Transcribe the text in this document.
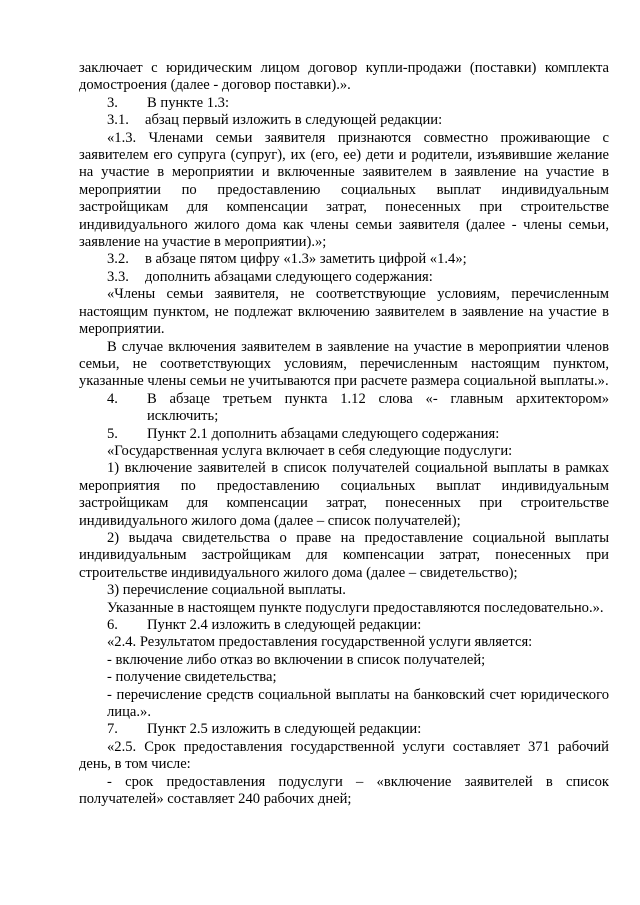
заключает с юридическим лицом договор купли-продажи (поставки) комплекта домостроения (далее - договор поставки).».

3.	В пункте 1.3:
3.1.	абзац первый изложить в следующей редакции:

«1.3. Членами семьи заявителя признаются совместно проживающие с заявителем его супруга (супруг), их (его, ее) дети и родители, изъявившие желание на участие в мероприятии и включенные заявителем в заявление на участие в мероприятии по предоставлению социальных выплат индивидуальным застройщикам для компенсации затрат, понесенных при строительстве индивидуального жилого дома как члены семьи заявителя (далее - члены семьи, заявление на участие в мероприятии).»;

3.2.	в абзаце пятом цифру «1.3» заметить цифрой «1.4»;
3.3.	дополнить абзацами следующего содержания:

«Члены семьи заявителя, не соответствующие условиям, перечисленным настоящим пунктом, не подлежат включению заявителем в заявление на участие в мероприятии.

В случае включения заявителем в заявление на участие в мероприятии членов семьи, не соответствующих условиям, перечисленным настоящим пунктом, указанные члены семьи не учитываются при расчете размера социальной выплаты.».

4.	В абзаце третьем пункта 1.12 слова «- главным архитектором» исключить;
5.	Пункт 2.1 дополнить абзацами следующего содержания:

«Государственная услуга включает в себя следующие подуслуги:

1) включение заявителей в список получателей социальной выплаты в рамках мероприятия по предоставлению социальных выплат индивидуальным застройщикам для компенсации затрат, понесенных при строительстве индивидуального жилого дома (далее – список получателей);

2) выдача свидетельства о праве на предоставление социальной выплаты индивидуальным застройщикам для компенсации затрат, понесенных при строительстве индивидуального жилого дома (далее – свидетельство);

3) перечисление социальной выплаты.

Указанные в настоящем пункте подуслуги предоставляются последовательно.».

6.	Пункт 2.4 изложить в следующей редакции:

«2.4. Результатом предоставления государственной услуги является:

- включение либо отказ во включении в список получателей;

- получение свидетельства;

- перечисление средств социальной выплаты на банковский счет юридического лица.».

7.	Пункт 2.5 изложить в следующей редакции:

«2.5. Срок предоставления государственной услуги составляет 371 рабочий день, в том числе:

- срок предоставления подуслуги – «включение заявителей в список получателей» составляет 240 рабочих дней;
